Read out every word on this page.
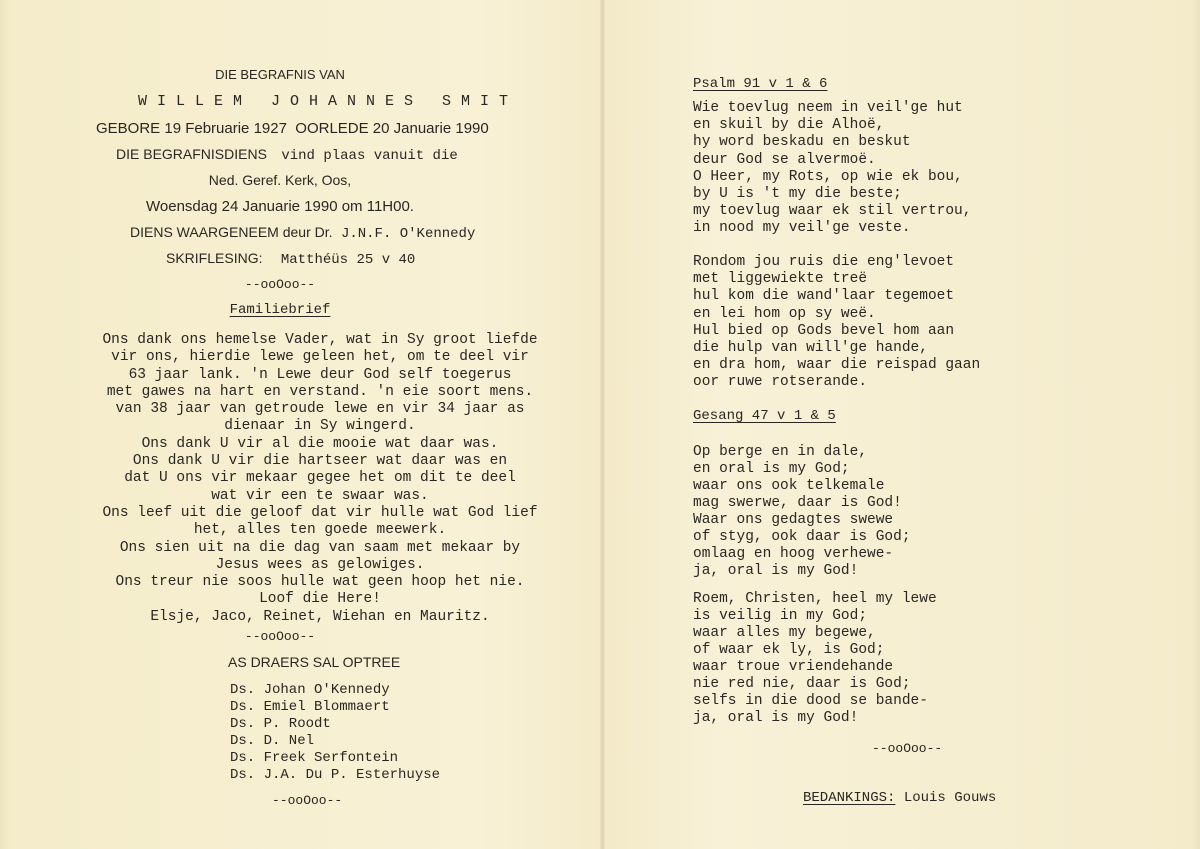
DIE BEGRAFNIS VAN
W I L L E M   J O H A N N E S   S M I T
GEBORE 19 Februarie 1927  OORLEDE 20 Januarie 1990
DIE BEGRAFNISDIENS vind plaas vanuit die
Ned. Geref. Kerk, Oos,
Woensdag 24 Januarie 1990 om 11H00.
DIENS WAARGENEEM deur Dr. J.N.F. O'Kennedy
SKRIFLESING: Matthéüs 25 v 40
--ooOoo--
Familiebrief
Ons dank ons hemelse Vader, wat in Sy groot liefde
vir ons, hierdie lewe geleen het, om te deel vir
63 jaar lank. 'n Lewe deur God self toegerus
met gawes na hart en verstand. 'n eie soort mens.
van 38 jaar van getroude lewe en vir 34 jaar as
dienaar in Sy wingerd.
Ons dank U vir al die mooie wat daar was.
Ons dank U vir die hartseer wat daar was en
dat U ons vir mekaar gegee het om dit te deel
wat vir een te swaar was.
Ons leef uit die geloof dat vir hulle wat God lief
het, alles ten goede meewerk.
Ons sien uit na die dag van saam met mekaar by
Jesus wees as gelowiges.
Ons treur nie soos hulle wat geen hoop het nie.
Loof die Here!
Elsje, Jaco, Reinet, Wiehan en Mauritz.
--ooOoo--
AS DRAERS SAL OPTREE
Ds. Johan O'Kennedy
Ds. Emiel Blommaert
Ds. P. Roodt
Ds. D. Nel
Ds. Freek Serfontein
Ds. J.A. Du P. Esterhuyse
--ooOoo--
Psalm 91 v 1 & 6
Wie toevlug neem in veil'ge hut
en skuil by die Alhoë,
hy word beskadu en beskut
deur God se alvermoë.
O Heer, my Rots, op wie ek bou,
by U is 't my die beste;
my toevlug waar ek stil vertrou,
in nood my veil'ge veste.
Rondom jou ruis die eng'levoet
met liggewiekte treë
hul kom die wand'laar tegemoet
en lei hom op sy weë.
Hul bied op Gods bevel hom aan
die hulp van will'ge hande,
en dra hom, waar die reispad gaan
oor ruwe rotserande.
Gesang 47 v 1 & 5
Op berge en in dale,
en oral is my God;
waar ons ook telkemale
mag swerwe, daar is God!
Waar ons gedagtes swewe
of styg, ook daar is God;
omlaag en hoog verhewe-
ja, oral is my God!
Roem, Christen, heel my lewe
is veilig in my God;
waar alles my begewe,
of waar ek ly, is God;
waar troue vriendehande
nie red nie, daar is God;
selfs in die dood se bande-
ja, oral is my God!
--ooOoo--
BEDANKINGS: Louis Gouws
